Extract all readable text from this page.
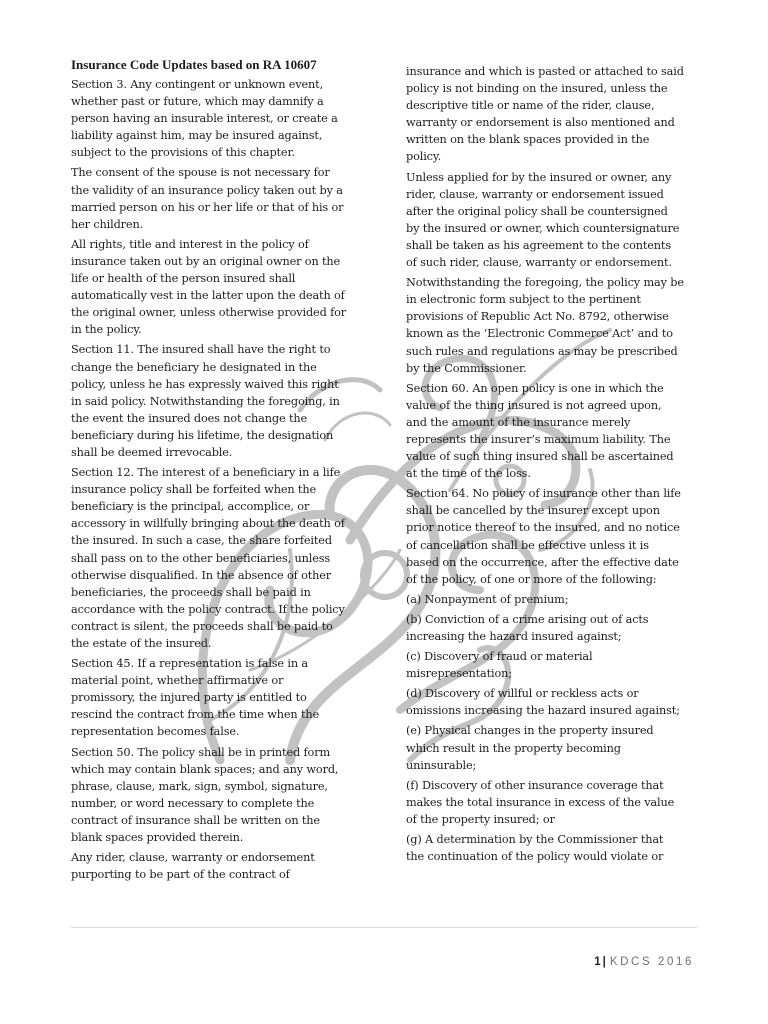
Insurance Code Updates based on RA 10607

Section 3. Any contingent or unknown event, whether past or future, which may damnify a person having an insurable interest, or create a liability against him, may be insured against, subject to the provisions of this chapter.

The consent of the spouse is not necessary for the validity of an insurance policy taken out by a married person on his or her life or that of his or her children.

All rights, title and interest in the policy of insurance taken out by an original owner on the life or health of the person insured shall automatically vest in the latter upon the death of the original owner, unless otherwise provided for in the policy.

Section 11. The insured shall have the right to change the beneficiary he designated in the policy, unless he has expressly waived this right in said policy. Notwithstanding the foregoing, in the event the insured does not change the beneficiary during his lifetime, the designation shall be deemed irrevocable.

Section 12. The interest of a beneficiary in a life insurance policy shall be forfeited when the beneficiary is the principal, accomplice, or accessory in willfully bringing about the death of the insured. In such a case, the share forfeited shall pass on to the other beneficiaries, unless otherwise disqualified. In the absence of other beneficiaries, the proceeds shall be paid in accordance with the policy contract. If the policy contract is silent, the proceeds shall be paid to the estate of the insured.

Section 45. If a representation is false in a material point, whether affirmative or promissory, the injured party is entitled to rescind the contract from the time when the representation becomes false.

Section 50. The policy shall be in printed form which may contain blank spaces; and any word, phrase, clause, mark, sign, symbol, signature, number, or word necessary to complete the contract of insurance shall be written on the blank spaces provided therein.

Any rider, clause, warranty or endorsement purporting to be part of the contract of

insurance and which is pasted or attached to said policy is not binding on the insured, unless the descriptive title or name of the rider, clause, warranty or endorsement is also mentioned and written on the blank spaces provided in the policy.

Unless applied for by the insured or owner, any rider, clause, warranty or endorsement issued after the original policy shall be countersigned by the insured or owner, which countersignature shall be taken as his agreement to the contents of such rider, clause, warranty or endorsement.

Notwithstanding the foregoing, the policy may be in electronic form subject to the pertinent provisions of Republic Act No. 8792, otherwise known as the ‘Electronic Commerce Act’ and to such rules and regulations as may be prescribed by the Commissioner.

Section 60. An open policy is one in which the value of the thing insured is not agreed upon, and the amount of the insurance merely represents the insurer’s maximum liability. The value of such thing insured shall be ascertained at the time of the loss.

Section 64. No policy of insurance other than life shall be cancelled by the insurer except upon prior notice thereof to the insured, and no notice of cancellation shall be effective unless it is based on the occurrence, after the effective date of the policy, of one or more of the following:

(a) Nonpayment of premium;

(b) Conviction of a crime arising out of acts increasing the hazard insured against;

(c) Discovery of fraud or material misrepresentation;

(d) Discovery of willful or reckless acts or omissions increasing the hazard insured against;

(e) Physical changes in the property insured which result in the property becoming uninsurable;

(f) Discovery of other insurance coverage that makes the total insurance in excess of the value of the property insured; or

(g) A determination by the Commissioner that the continuation of the policy would violate or

1 | KDCS 2016
